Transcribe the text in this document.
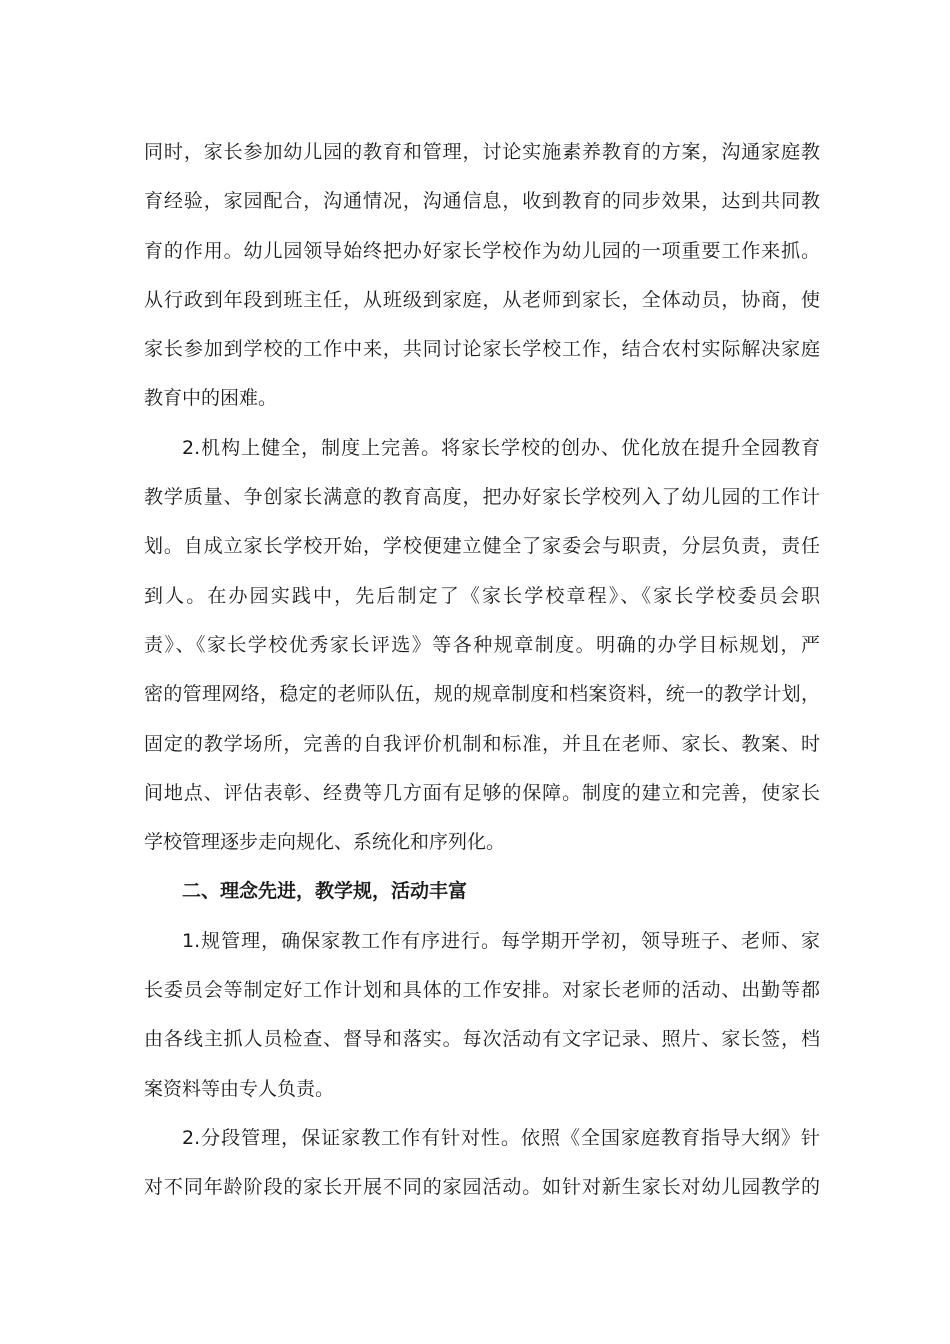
同时，家长参加幼儿园的教育和管理，讨论实施素养教育的方案，沟通家庭教
育经验，家园配合，沟通情况，沟通信息，收到教育的同步效果，达到共同教
育的作用。幼儿园领导始终把办好家长学校作为幼儿园的一项重要工作来抓。
从行政到年段到班主任，从班级到家庭，从老师到家长，全体动员，协商，使
家长参加到学校的工作中来，共同讨论家长学校工作，结合农村实际解决家庭
教育中的困难。
2.机构上健全，制度上完善。将家长学校的创办、优化放在提升全园教育
教学质量、争创家长满意的教育高度，把办好家长学校列入了幼儿园的工作计
划。自成立家长学校开始，学校便建立健全了家委会与职责，分层负责，责任
到人。在办园实践中，先后制定了《家长学校章程》、《家长学校委员会职
责》、《家长学校优秀家长评选》等各种规章制度。明确的办学目标规划，严
密的管理网络，稳定的老师队伍，规的规章制度和档案资料，统一的教学计划，
固定的教学场所，完善的自我评价机制和标准，并且在老师、家长、教案、时
间地点、评估表彰、经费等几方面有足够的保障。制度的建立和完善，使家长
学校管理逐步走向规化、系统化和序列化。
二、理念先进，教学规，活动丰富
1.规管理，确保家教工作有序进行。每学期开学初，领导班子、老师、家
长委员会等制定好工作计划和具体的工作安排。对家长老师的活动、出勤等都
由各线主抓人员检查、督导和落实。每次活动有文字记录、照片、家长签，档
案资料等由专人负责。
2.分段管理，保证家教工作有针对性。依照《全国家庭教育指导大纲》针
对不同年龄阶段的家长开展不同的家园活动。如针对新生家长对幼儿园教学的
